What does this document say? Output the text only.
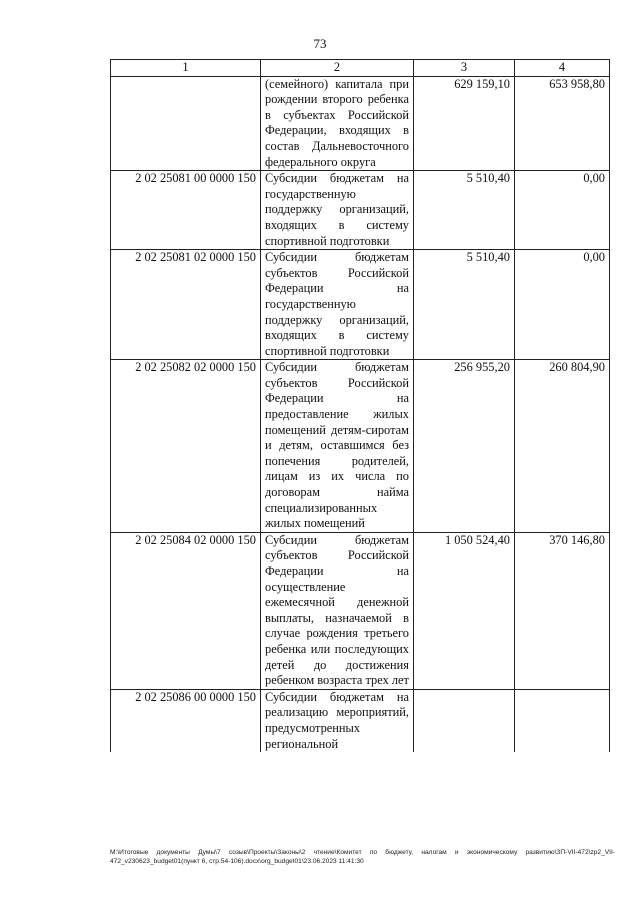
73
1	2	3	4
	(семейного) капитала при рождении второго ребенка в субъектах Российской Федерации, входящих в состав Дальневосточного федерального округа	629 159,10	653 958,80
2 02 25081 00 0000 150	Субсидии бюджетам на государственную поддержку организаций, входящих в систему спортивной подготовки	5 510,40	0,00
2 02 25081 02 0000 150	Субсидии бюджетам субъектов Российской Федерации на государственную поддержку организаций, входящих в систему спортивной подготовки	5 510,40	0,00
2 02 25082 02 0000 150	Субсидии бюджетам субъектов Российской Федерации на предоставление жилых помещений детям-сиротам и детям, оставшимся без попечения родителей, лицам из их числа по договорам найма специализированных жилых помещений	256 955,20	260 804,90
2 02 25084 02 0000 150	Субсидии бюджетам субъектов Российской Федерации на осуществление ежемесячной денежной выплаты, назначаемой в случае рождения третьего ребенка или последующих детей до достижения ребенком возраста трех лет	1 050 524,40	370 146,80
2 02 25086 00 0000 150	Субсидии бюджетам на реализацию мероприятий, предусмотренных региональной		
M:\Итоговые документы Думы\7 созыв\Проекты\Законы\2 чтение\Комитет по бюджету, налогам и экономическому развитию\ЗП-VII-472\zp2_VII-472_v230623_budget01(пункт 6, стр.54-106).docx\org_budget01\23.06.2023 11:41:30
